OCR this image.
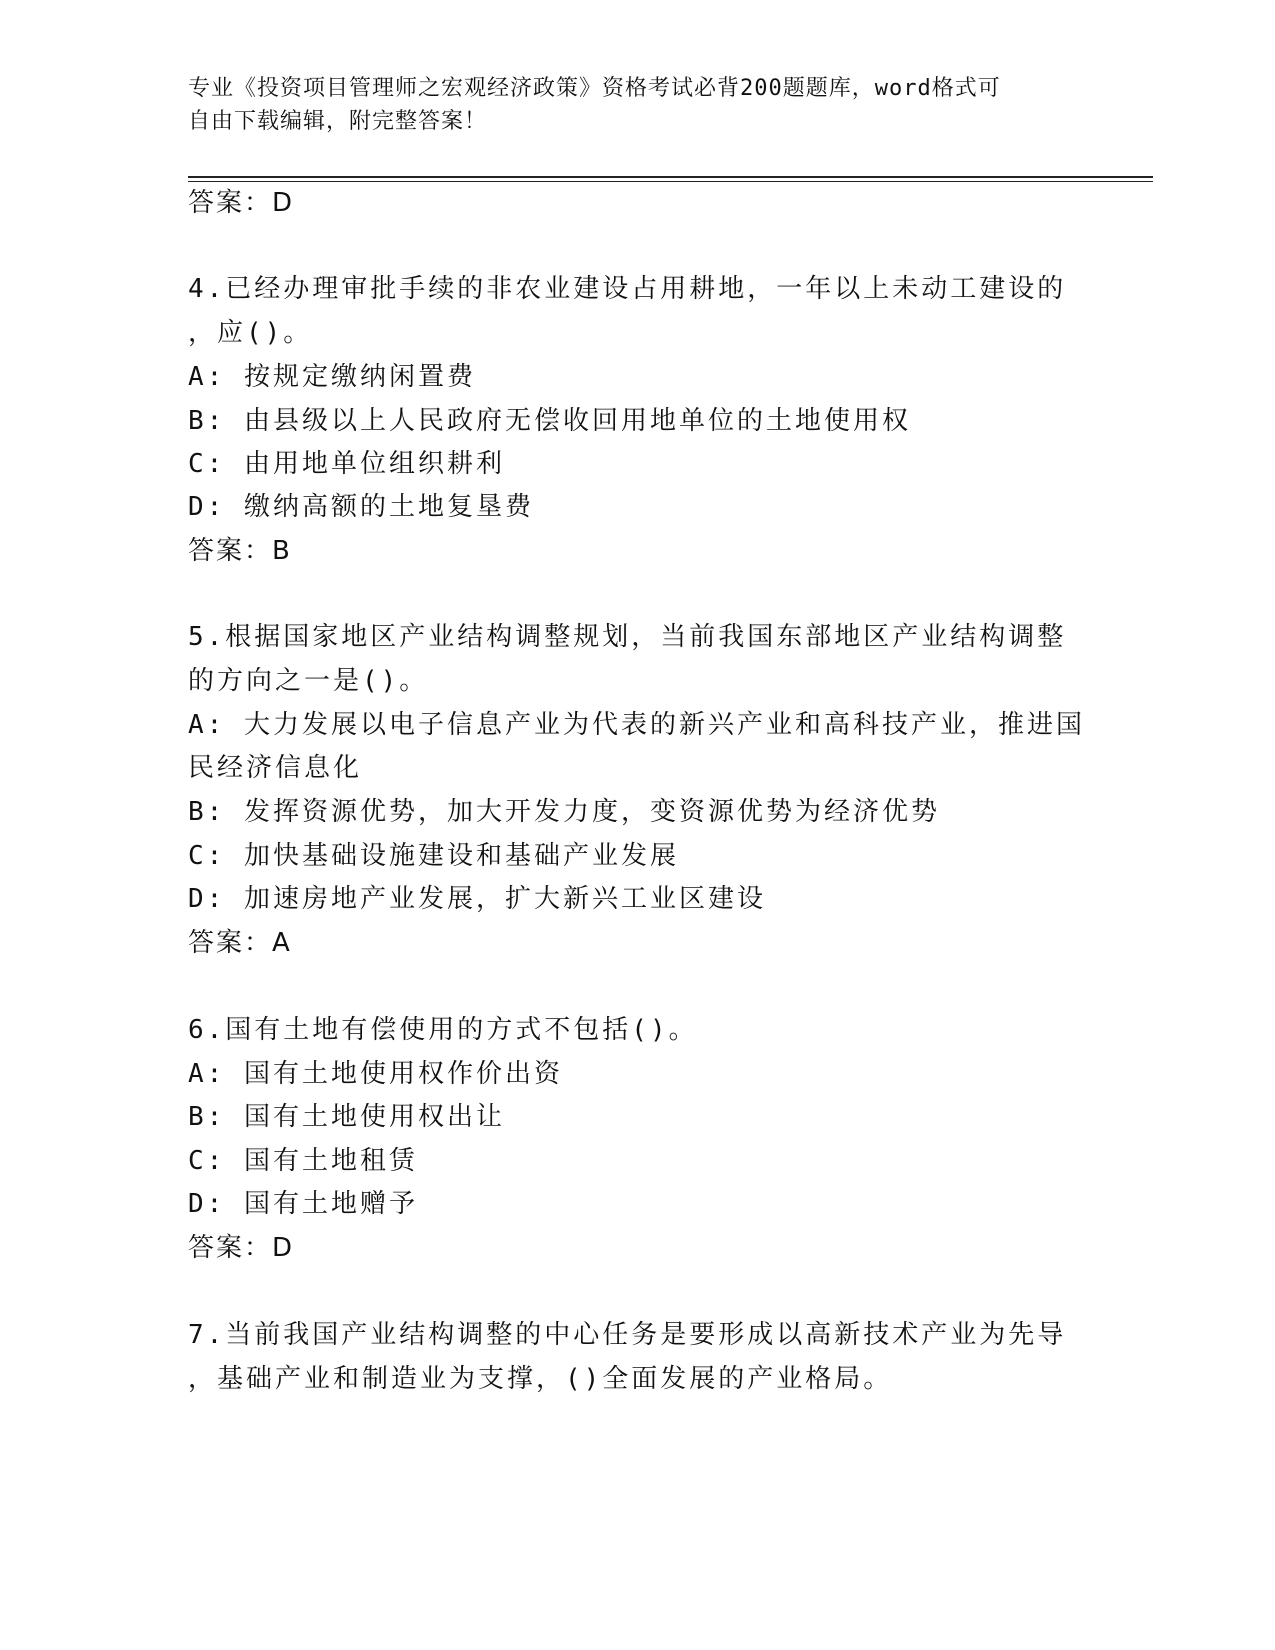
专业《投资项目管理师之宏观经济政策》资格考试必背200题题库，word格式可
自由下载编辑，附完整答案！
答案：D
4.已经办理审批手续的非农业建设占用耕地，一年以上未动工建设的
，应()。
A: 按规定缴纳闲置费
B: 由县级以上人民政府无偿收回用地单位的土地使用权
C: 由用地单位组织耕利
D: 缴纳高额的土地复垦费
答案：B
5.根据国家地区产业结构调整规划，当前我国东部地区产业结构调整
的方向之一是()。
A: 大力发展以电子信息产业为代表的新兴产业和高科技产业，推进国
民经济信息化
B: 发挥资源优势，加大开发力度，变资源优势为经济优势
C: 加快基础设施建设和基础产业发展
D: 加速房地产业发展，扩大新兴工业区建设
答案：A
6.国有土地有偿使用的方式不包括()。
A: 国有土地使用权作价出资
B: 国有土地使用权出让
C: 国有土地租赁
D: 国有土地赠予
答案：D
7.当前我国产业结构调整的中心任务是要形成以高新技术产业为先导
，基础产业和制造业为支撑，()全面发展的产业格局。
